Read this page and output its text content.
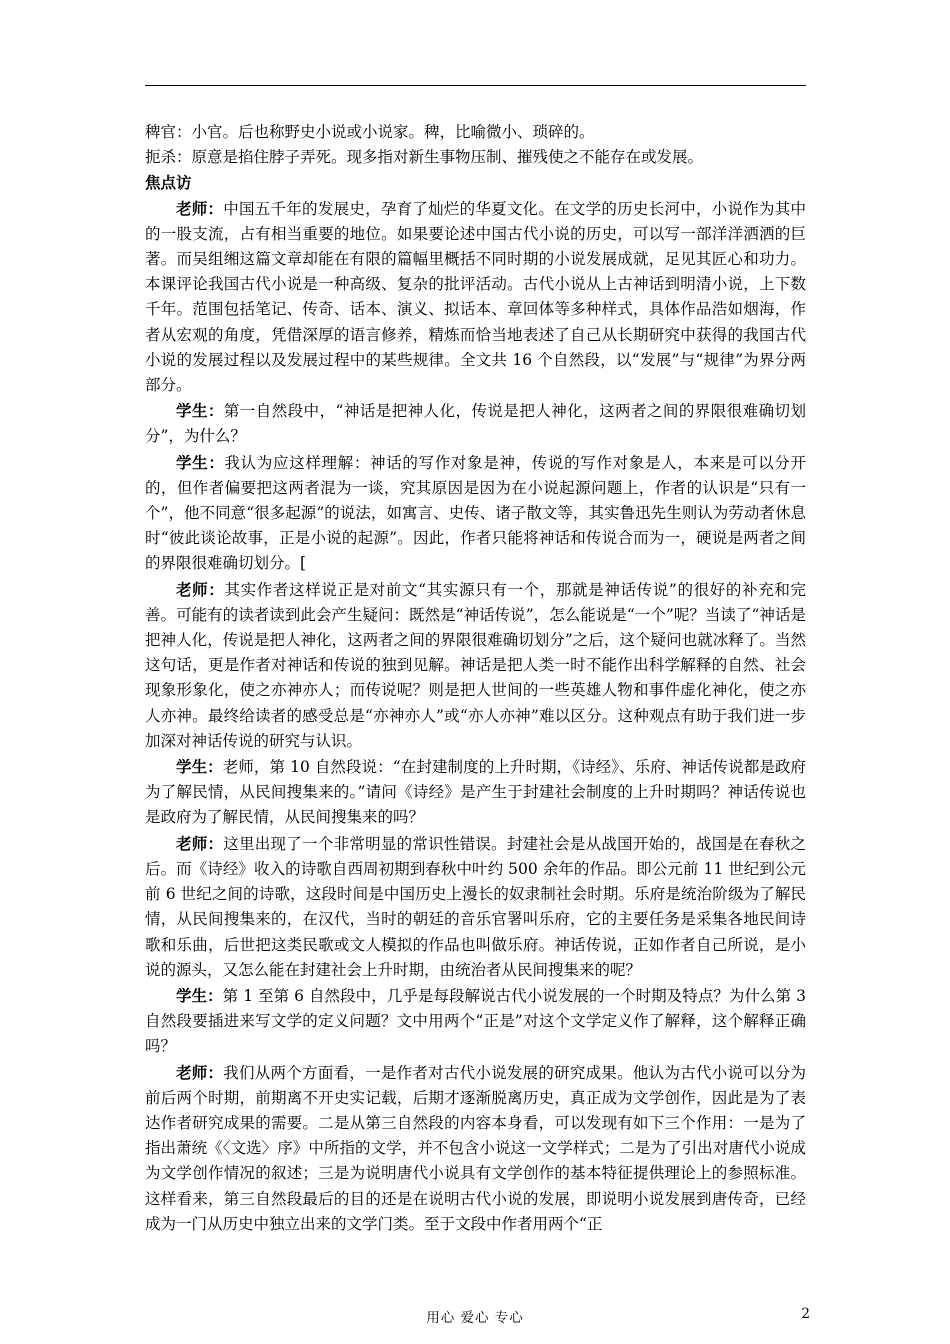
稗官：小官。后也称野史小说或小说家。稗，比喻微小、琐碎的。

扼杀：原意是掐住脖子弄死。现多指对新生事物压制、摧残使之不能存在或发展。

焦点访

老师：中国五千年的发展史，孕育了灿烂的华夏文化。在文学的历史长河中，小说作为其中的一股支流，占有相当重要的地位。如果要论述中国古代小说的历史，可以写一部洋洋洒洒的巨著。而吴组缃这篇文章却能在有限的篇幅里概括不同时期的小说发展成就，足见其匠心和功力。本课评论我国古代小说是一种高级、复杂的批评活动。古代小说从上古神话到明清小说，上下数千年。范围包括笔记、传奇、话本、演义、拟话本、章回体等多种样式，具体作品浩如烟海，作者从宏观的角度，凭借深厚的语言修养，精炼而恰当地表述了自己从长期研究中获得的我国古代小说的发展过程以及发展过程中的某些规律。全文共 16 个自然段，以“发展”与“规律”为界分两部分。

学生：第一自然段中，“神话是把神人化，传说是把人神化，这两者之间的界限很难确切划分”，为什么？

学生：我认为应这样理解：神话的写作对象是神，传说的写作对象是人，本来是可以分开的，但作者偏要把这两者混为一谈，究其原因是因为在小说起源问题上，作者的认识是“只有一个”，他不同意“很多起源”的说法，如寓言、史传、诸子散文等，其实鲁迅先生则认为劳动者休息时“彼此谈论故事，正是小说的起源”。因此，作者只能将神话和传说合而为一，硬说是两者之间的界限很难确切划分。[

老师：其实作者这样说正是对前文“其实源只有一个，那就是神话传说”的很好的补充和完善。可能有的读者读到此会产生疑问：既然是“神话传说”，怎么能说是“一个”呢？当读了“神话是把神人化，传说是把人神化，这两者之间的界限很难确切划分”之后，这个疑问也就冰释了。当然这句话，更是作者对神话和传说的独到见解。神话是把人类一时不能作出科学解释的自然、社会现象形象化，使之亦神亦人；而传说呢？则是把人世间的一些英雄人物和事件虚化神化，使之亦人亦神。最终给读者的感受总是“亦神亦人”或“亦人亦神”难以区分。这种观点有助于我们进一步加深对神话传说的研究与认识。

学生：老师，第 10 自然段说：“在封建制度的上升时期，《诗经》、乐府、神话传说都是政府为了解民情，从民间搜集来的。”请问《诗经》是产生于封建社会制度的上升时期吗？神话传说也是政府为了解民情，从民间搜集来的吗？

老师：这里出现了一个非常明显的常识性错误。封建社会是从战国开始的，战国是在春秋之后。而《诗经》收入的诗歌自西周初期到春秋中叶约 500 余年的作品。即公元前 11 世纪到公元前 6 世纪之间的诗歌，这段时间是中国历史上漫长的奴隶制社会时期。乐府是统治阶级为了解民情，从民间搜集来的，在汉代，当时的朝廷的音乐官署叫乐府，它的主要任务是采集各地民间诗歌和乐曲，后世把这类民歌或文人模拟的作品也叫做乐府。神话传说，正如作者自己所说，是小说的源头，又怎么能在封建社会上升时期，由统治者从民间搜集来的呢？

学生：第 1 至第 6 自然段中，几乎是每段解说古代小说发展的一个时期及特点？为什么第 3 自然段要插进来写文学的定义问题？文中用两个“正是”对这个文学定义作了解释，这个解释正确吗？

老师：我们从两个方面看，一是作者对古代小说发展的研究成果。他认为古代小说可以分为前后两个时期，前期离不开史实记载，后期才逐渐脱离历史，真正成为文学创作，因此是为了表达作者研究成果的需要。二是从第三自然段的内容本身看，可以发现有如下三个作用：一是为了指出萧统《〈文选〉序》中所指的文学，并不包含小说这一文学样式；二是为了引出对唐代小说成为文学创作情况的叙述；三是为说明唐代小说具有文学创作的基本特征提供理论上的参照标准。这样看来，第三自然段最后的目的还是在说明古代小说的发展，即说明小说发展到唐传奇，已经成为一门从历史中独立出来的文学门类。至于文段中作者用两个“正

用心 爱心 专心	2
